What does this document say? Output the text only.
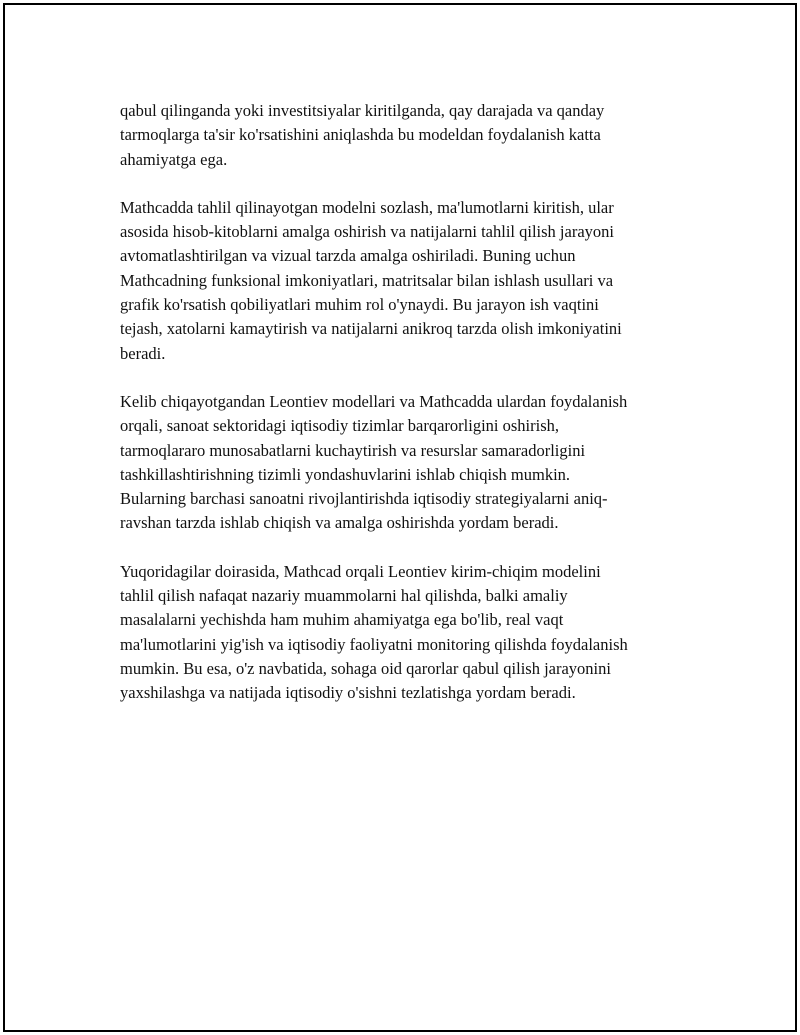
qabul qilinganda yoki investitsiyalar kiritilganda, qay darajada va qanday
tarmoqlarga ta'sir ko'rsatishini aniqlashda bu modeldan foydalanish katta
ahamiyatga ega.

Mathcadda tahlil qilinayotgan modelni sozlash, ma'lumotlarni kiritish, ular
asosida hisob-kitoblarni amalga oshirish va natijalarni tahlil qilish jarayoni
avtomatlashtirilgan va vizual tarzda amalga oshiriladi. Buning uchun
Mathcadning funksional imkoniyatlari, matritsalar bilan ishlash usullari va
grafik ko'rsatish qobiliyatlari muhim rol o'ynaydi. Bu jarayon ish vaqtini
tejash, xatolarni kamaytirish va natijalarni anikroq tarzda olish imkoniyatini
beradi.

Kelib chiqayotgandan Leontiev modellari va Mathcadda ulardan foydalanish
orqali, sanoat sektoridagi iqtisodiy tizimlar barqarorligini oshirish,
tarmoqlararo munosabatlarni kuchaytirish va resurslar samaradorligini
tashkillashtirishning tizimli yondashuvlarini ishlab chiqish mumkin.
Bularning barchasi sanoatni rivojlantirishda iqtisodiy strategiyalarni aniq-
ravshan tarzda ishlab chiqish va amalga oshirishda yordam beradi.

Yuqoridagilar doirasida, Mathcad orqali Leontiev kirim-chiqim modelini
tahlil qilish nafaqat nazariy muammolarni hal qilishda, balki amaliy
masalalarni yechishda ham muhim ahamiyatga ega bo'lib, real vaqt
ma'lumotlarini yig'ish va iqtisodiy faoliyatni monitoring qilishda foydalanish
mumkin. Bu esa, o'z navbatida, sohaga oid qarorlar qabul qilish jarayonini
yaxshilashga va natijada iqtisodiy o'sishni tezlatishga yordam beradi.
